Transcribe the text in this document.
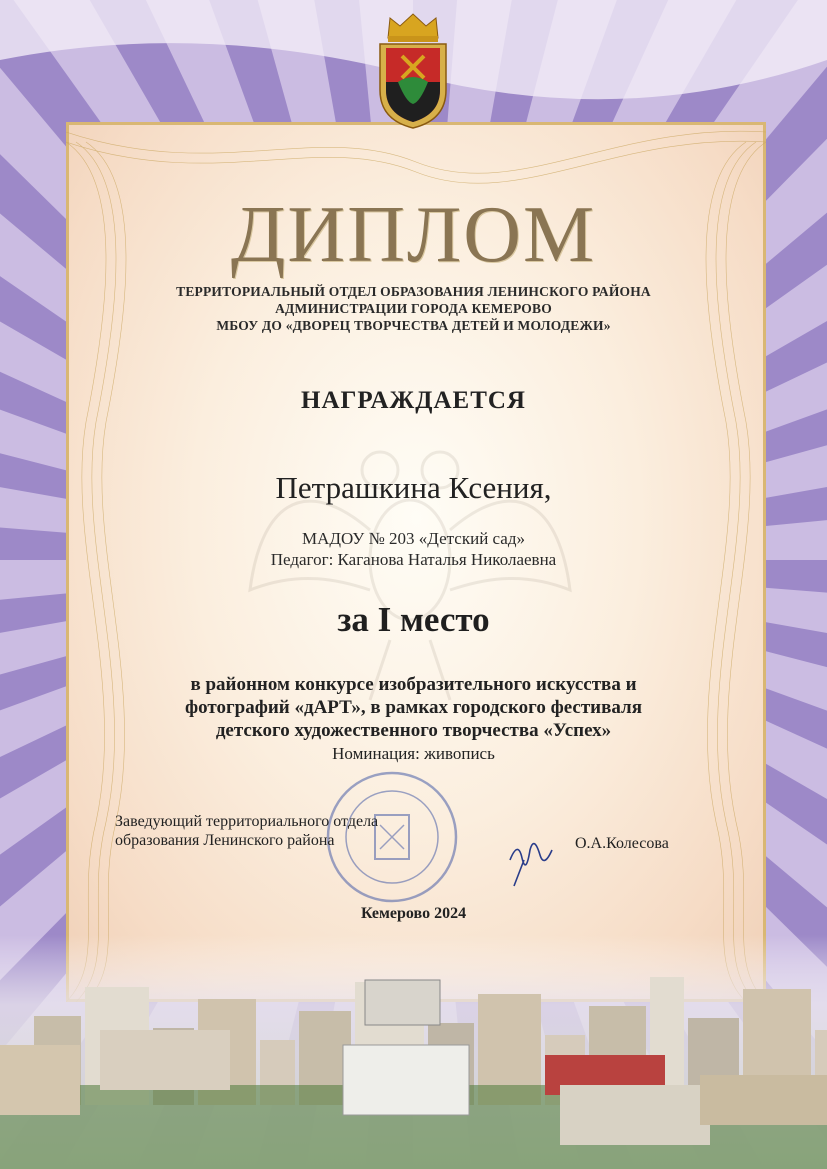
ДИПЛОМ
ТЕРРИТОРИАЛЬНЫЙ ОТДЕЛ ОБРАЗОВАНИЯ ЛЕНИНСКОГО РАЙОНА
АДМИНИСТРАЦИИ ГОРОДА КЕМЕРОВО
МБОУ ДО «ДВОРЕЦ ТВОРЧЕСТВА ДЕТЕЙ И МОЛОДЕЖИ»
НАГРАЖДАЕТСЯ
Петрашкина Ксения,
МАДОУ № 203 «Детский сад»
Педагог: Каганова Наталья Николаевна
за I место
в районном конкурсе изобразительного искусства и
фотографий «дАРТ», в рамках городского фестиваля
детского художественного творчества «Успех»
Номинация: живопись
Заведующий территориального отдела
образования Ленинского района	О.А.Колесова
Кемерово 2024
